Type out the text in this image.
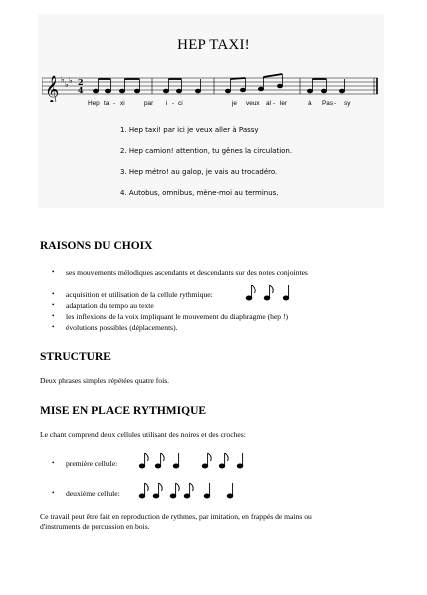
HEP TAXI!
𝄞 ♭
♭ ♭ 2
4
Hep ta - xi	par i - ci	je veux al - ler	à Pas - sy
1. Hep taxi! par ici je veux aller à Passy
2. Hep camion! attention, tu gênes la circulation.
3. Hep métro! au galop, je vais au trocadéro.
4. Autobus, omnibus, mène-moi au terminus.
RAISONS DU CHOIX
• ses mouvements mélodiques ascendants et descendants sur des notes conjointes
• acquisition et utilisation de la cellule rythmique:
• adaptation du tempo au texte
• les inflexions de la voix impliquant le mouvement du diaphragme (hep !)
• évolutions possibles (déplacements).
STRUCTURE
Deux phrases simples répétées quatre fois.
MISE EN PLACE RYTHMIQUE
Le chant comprend deux cellules utilisant des noires et des croches:
• première cellule:
• deuxième cellule:
Ce travail peut être fait en reproduction de rythmes, par imitation, en frappés de mains ou
d'instruments de percussion en bois.
